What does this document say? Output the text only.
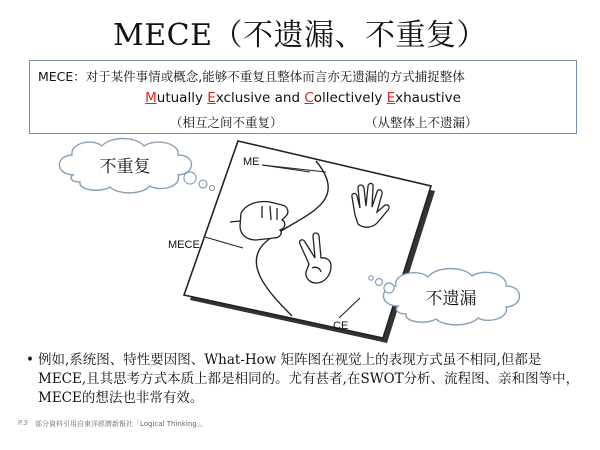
MECE（不遗漏、不重复）
MECE：对于某件事情或概念,能够不重复且整体而言亦无遗漏的方式捕捉整体
Mutually Exclusive and Collectively Exhaustive
（相互之间不重复）	（从整体上不遗漏）
ME
MECE
CE
不重复
不遗漏
• 例如,系统图、特性要因图、What-How 矩阵图在视觉上的表现方式虽不相同,但都是MECE,且其思考方式本质上都是相同的。尤有甚者,在SWOT分析、流程图、亲和图等中，MECE的想法也非常有效。
P.3 部分資料引用自東洋經濟新報社「Logical Thinking」。
